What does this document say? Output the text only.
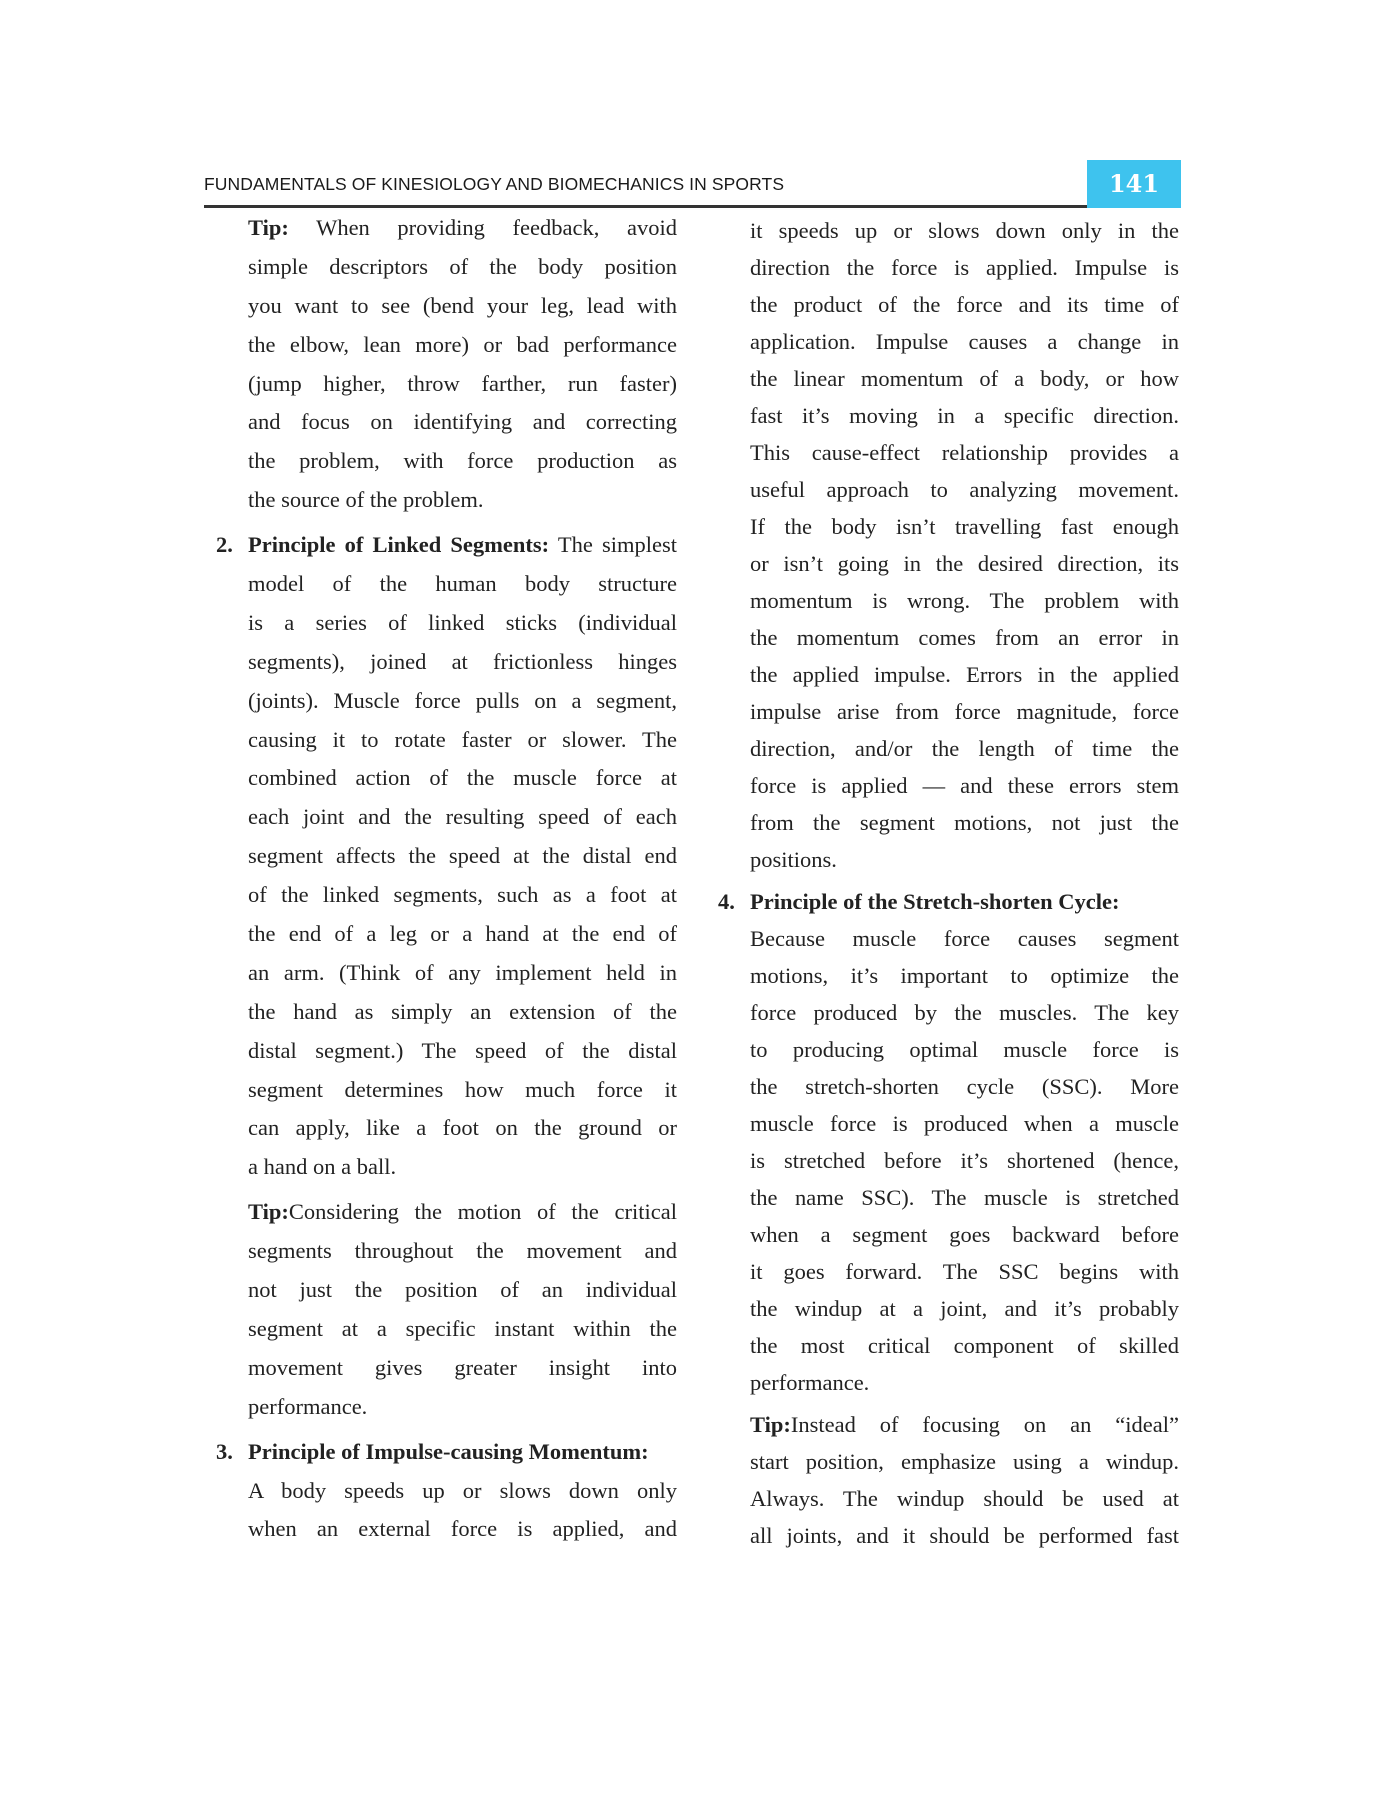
FUNDAMENTALS OF KINESIOLOGY AND BIOMECHANICS IN SPORTS	141
Tip: When providing feedback, avoid
simple descriptors of the body position
you want to see (bend your leg, lead with
the elbow, lean more) or bad performance
(jump higher, throw farther, run faster)
and focus on identifying and correcting
the problem, with force production as
the source of the problem.
2. Principle of Linked Segments: The simplest
model of the human body structure
is a series of linked sticks (individual
segments), joined at frictionless hinges
(joints). Muscle force pulls on a segment,
causing it to rotate faster or slower. The
combined action of the muscle force at
each joint and the resulting speed of each
segment affects the speed at the distal end
of the linked segments, such as a foot at
the end of a leg or a hand at the end of
an arm. (Think of any implement held in
the hand as simply an extension of the
distal segment.) The speed of the distal
segment determines how much force it
can apply, like a foot on the ground or
a hand on a ball.
Tip:Considering the motion of the critical
segments throughout the movement and
not just the position of an individual
segment at a specific instant within the
movement gives greater insight into
performance.
3. Principle of Impulse-causing Momentum:
A body speeds up or slows down only
when an external force is applied, and
it speeds up or slows down only in the
direction the force is applied. Impulse is
the product of the force and its time of
application. Impulse causes a change in
the linear momentum of a body, or how
fast it’s moving in a specific direction.
This cause-effect relationship provides a
useful approach to analyzing movement.
If the body isn’t travelling fast enough
or isn’t going in the desired direction, its
momentum is wrong. The problem with
the momentum comes from an error in
the applied impulse. Errors in the applied
impulse arise from force magnitude, force
direction, and/or the length of time the
force is applied — and these errors stem
from the segment motions, not just the
positions.
4. Principle of the Stretch-shorten Cycle:
Because muscle force causes segment
motions, it’s important to optimize the
force produced by the muscles. The key
to producing optimal muscle force is
the stretch-shorten cycle (SSC). More
muscle force is produced when a muscle
is stretched before it’s shortened (hence,
the name SSC). The muscle is stretched
when a segment goes backward before
it goes forward. The SSC begins with
the windup at a joint, and it’s probably
the most critical component of skilled
performance.
Tip:Instead of focusing on an “ideal”
start position, emphasize using a windup.
Always. The windup should be used at
all joints, and it should be performed fast
